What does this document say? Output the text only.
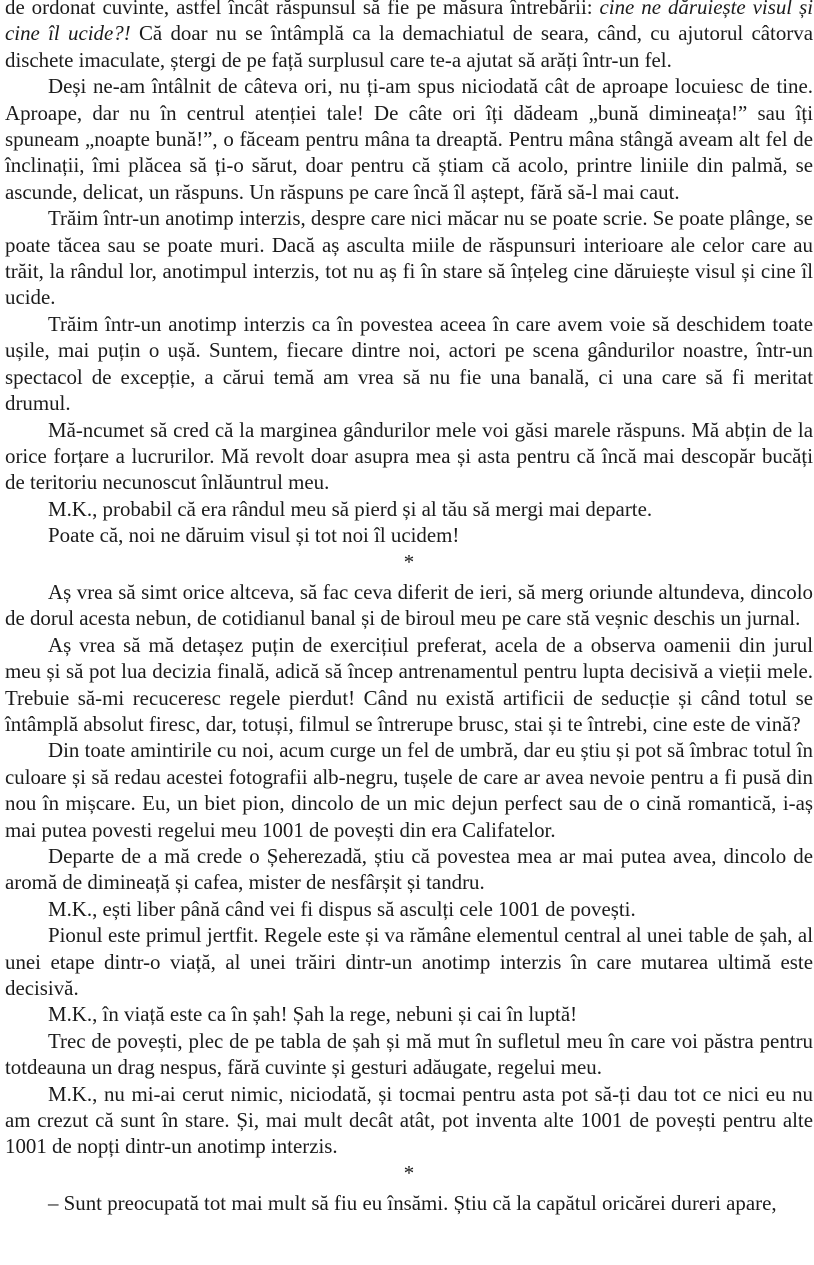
de ordonat cuvinte, astfel încât răspunsul să fie pe măsura întrebării: cine ne dăruiește visul și cine îl ucide?! Că doar nu se întâmplă ca la demachiatul de seara, când, cu ajutorul câtorva dischete imaculate, ștergi de pe față surplusul care te-a ajutat să arăți într-un fel.

Deși ne-am întâlnit de câteva ori, nu ți-am spus niciodată cât de aproape locuiesc de tine. Aproape, dar nu în centrul atenției tale! De câte ori îți dădeam „bună dimineața!” sau îți spuneam „noapte bună!”, o făceam pentru mâna ta dreaptă. Pentru mâna stângă aveam alt fel de înclinații, îmi plăcea să ți-o sărut, doar pentru că știam că acolo, printre liniile din palmă, se ascunde, delicat, un răspuns. Un răspuns pe care încă îl aștept, fără să-l mai caut.

Trăim într-un anotimp interzis, despre care nici măcar nu se poate scrie. Se poate plânge, se poate tăcea sau se poate muri. Dacă aș asculta miile de răspunsuri interioare ale celor care au trăit, la rândul lor, anotimpul interzis, tot nu aș fi în stare să înțeleg cine dăruiește visul și cine îl ucide.

Trăim într-un anotimp interzis ca în povestea aceea în care avem voie să deschidem toate ușile, mai puțin o ușă. Suntem, fiecare dintre noi, actori pe scena gândurilor noastre, într-un spectacol de excepție, a cărui temă am vrea să nu fie una banală, ci una care să fi meritat drumul.

Mă-ncumet să cred că la marginea gândurilor mele voi găsi marele răspuns. Mă abțin de la orice forțare a lucrurilor. Mă revolt doar asupra mea și asta pentru că încă mai descopăr bucăți de teritoriu necunoscut înlăuntrul meu.

M.K., probabil că era rândul meu să pierd și al tău să mergi mai departe.

Poate că, noi ne dăruim visul și tot noi îl ucidem!

*

Aș vrea să simt orice altceva, să fac ceva diferit de ieri, să merg oriunde altundeva, dincolo de dorul acesta nebun, de cotidianul banal și de biroul meu pe care stă veșnic deschis un jurnal.

Aș vrea să mă detașez puțin de exercițiul preferat, acela de a observa oamenii din jurul meu și să pot lua decizia finală, adică să încep antrenamentul pentru lupta decisivă a vieții mele. Trebuie să-mi recuceresc regele pierdut! Când nu există artificii de seducție și când totul se întâmplă absolut firesc, dar, totuși, filmul se întrerupe brusc, stai și te întrebi, cine este de vină?

Din toate amintirile cu noi, acum curge un fel de umbră, dar eu știu și pot să îmbrac totul în culoare și să redau acestei fotografii alb-negru, tușele de care ar avea nevoie pentru a fi pusă din nou în mișcare. Eu, un biet pion, dincolo de un mic dejun perfect sau de o cină romantică, i-aș mai putea povesti regelui meu 1001 de povești din era Califatelor.

Departe de a mă crede o Șeherezadă, știu că povestea mea ar mai putea avea, dincolo de aromă de dimineață și cafea, mister de nesfârșit și tandru.

M.K., ești liber până când vei fi dispus să asculți cele 1001 de povești.

Pionul este primul jertfit. Regele este și va rămâne elementul central al unei table de șah, al unei etape dintr-o viață, al unei trăiri dintr-un anotimp interzis în care mutarea ultimă este decisivă.

M.K., în viață este ca în șah! Șah la rege, nebuni și cai în luptă!

Trec de povești, plec de pe tabla de șah și mă mut în sufletul meu în care voi păstra pentru totdeauna un drag nespus, fără cuvinte și gesturi adăugate, regelui meu.

M.K., nu mi-ai cerut nimic, niciodată, și tocmai pentru asta pot să-ți dau tot ce nici eu nu am crezut că sunt în stare. Și, mai mult decât atât, pot inventa alte 1001 de povești pentru alte 1001 de nopți dintr-un anotimp interzis.

*

– Sunt preocupată tot mai mult să fiu eu însămi. Știu că la capătul oricărei dureri apare,
